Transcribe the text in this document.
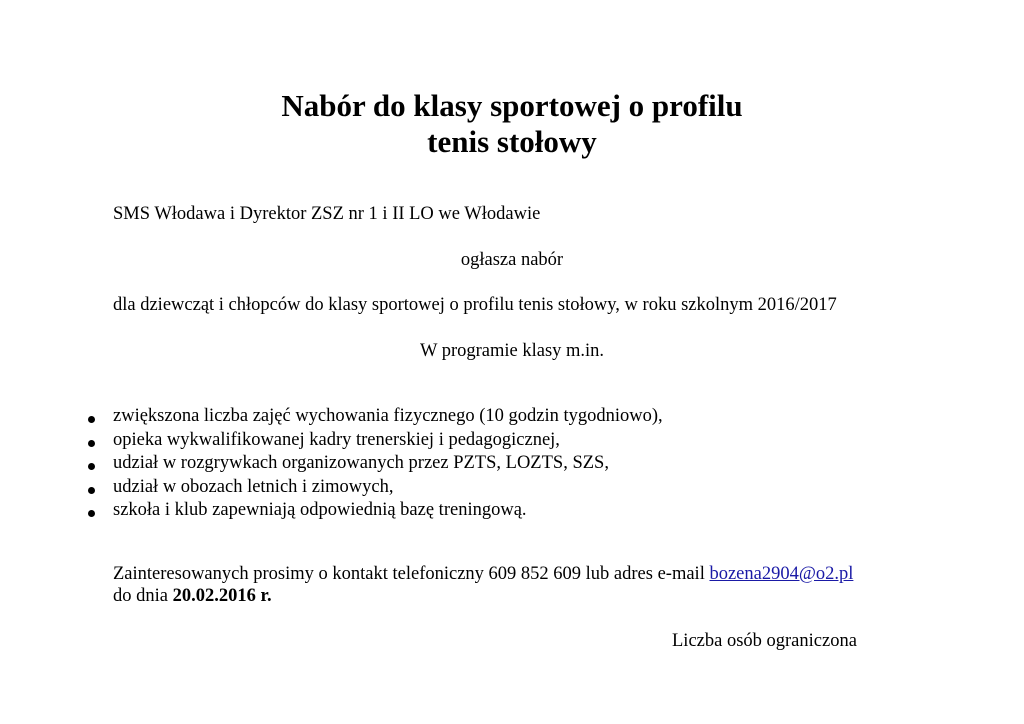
Nabór do klasy sportowej o profilu
tenis stołowy

SMS Włodawa i Dyrektor ZSZ nr 1 i II LO we Włodawie

ogłasza nabór

dla dziewcząt i chłopców do klasy sportowej o profilu tenis stołowy, w roku szkolnym 2016/2017

W programie klasy m.in.

zwiększona liczba zajęć wychowania fizycznego (10 godzin tygodniowo),
opieka wykwalifikowanej kadry trenerskiej i pedagogicznej,
udział w rozgrywkach organizowanych przez PZTS, LOZTS, SZS,
udział w obozach letnich i zimowych,
szkoła i klub zapewniają odpowiednią bazę treningową.

Zainteresowanych prosimy o kontakt telefoniczny 609 852 609 lub adres e-mail bozena2904@o2.pl

do dnia 20.02.2016 r.

Liczba osób ograniczona
